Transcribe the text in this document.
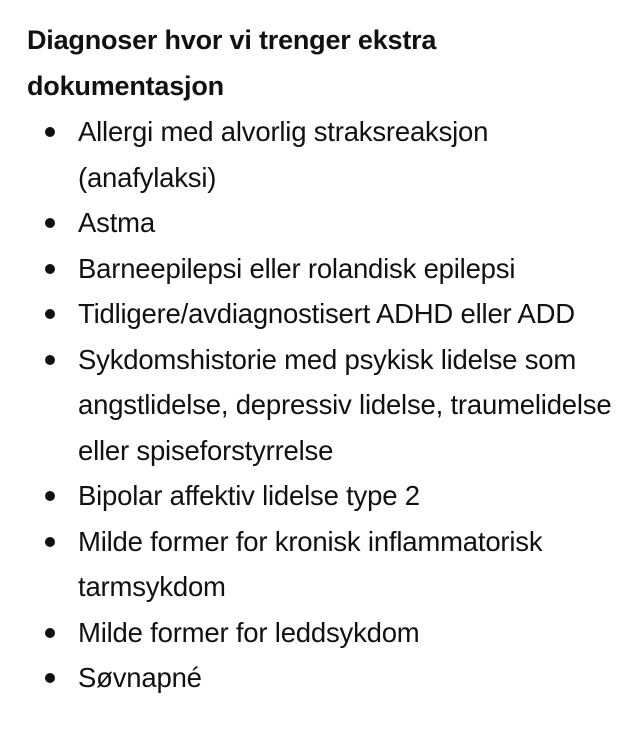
Diagnoser hvor vi trenger ekstra
dokumentasjon
Allergi med alvorlig straksreaksjon (anafylaksi)
Astma
Barneepilepsi eller rolandisk epilepsi
Tidligere/avdiagnostisert ADHD eller ADD
Sykdomshistorie med psykisk lidelse som angstlidelse, depressiv lidelse, traumelidelse eller spiseforstyrrelse
Bipolar affektiv lidelse type 2
Milde former for kronisk inflammatorisk tarmsykdom
Milde former for leddsykdom
Søvnapné
